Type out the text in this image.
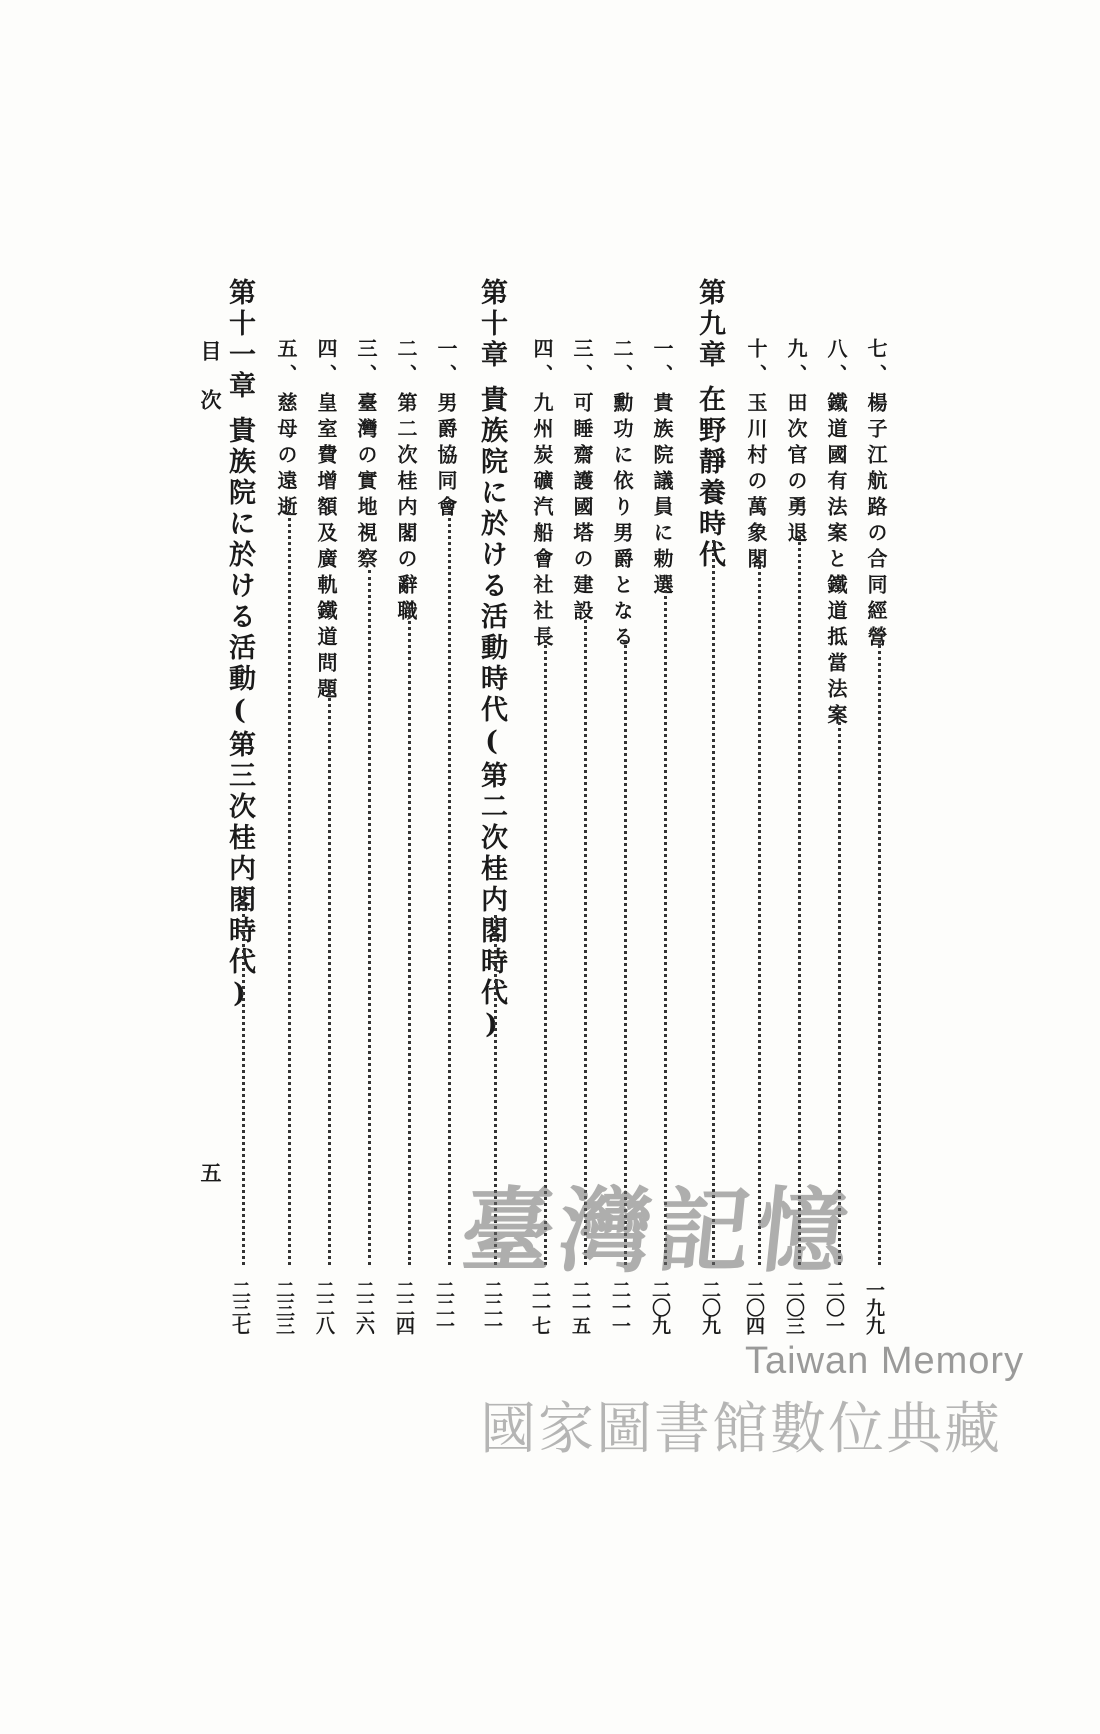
七、楊子江航路の合同經營
一九九
八、鐵道國有法案と鐵道抵當法案
二〇一
九、田次官の勇退
二〇三
十、玉川村の萬象閣
二〇四
第九章在野靜養時代
二〇九
一、貴族院議員に勅選
二〇九
二、勳功に依り男爵となる
二一一
三、可睡齋護國塔の建設
二一五
四、九州炭礦汽船會社社長
二一七
第十章貴族院に於ける活動時代(第二次桂内閣時代)
二二一
一、男爵協同會
二二一
二、第二次桂内閣の辭職
二二四
三、臺灣の實地視察
二二六
四、皇室費增額及廣軌鐵道問題
二二八
五、慈母の遠逝
二三三
第十一章貴族院に於ける活動(第三次桂内閣時代)
二三七
目次
五
臺灣記憶
Taiwan Memory
國家圖書館數位典藏
